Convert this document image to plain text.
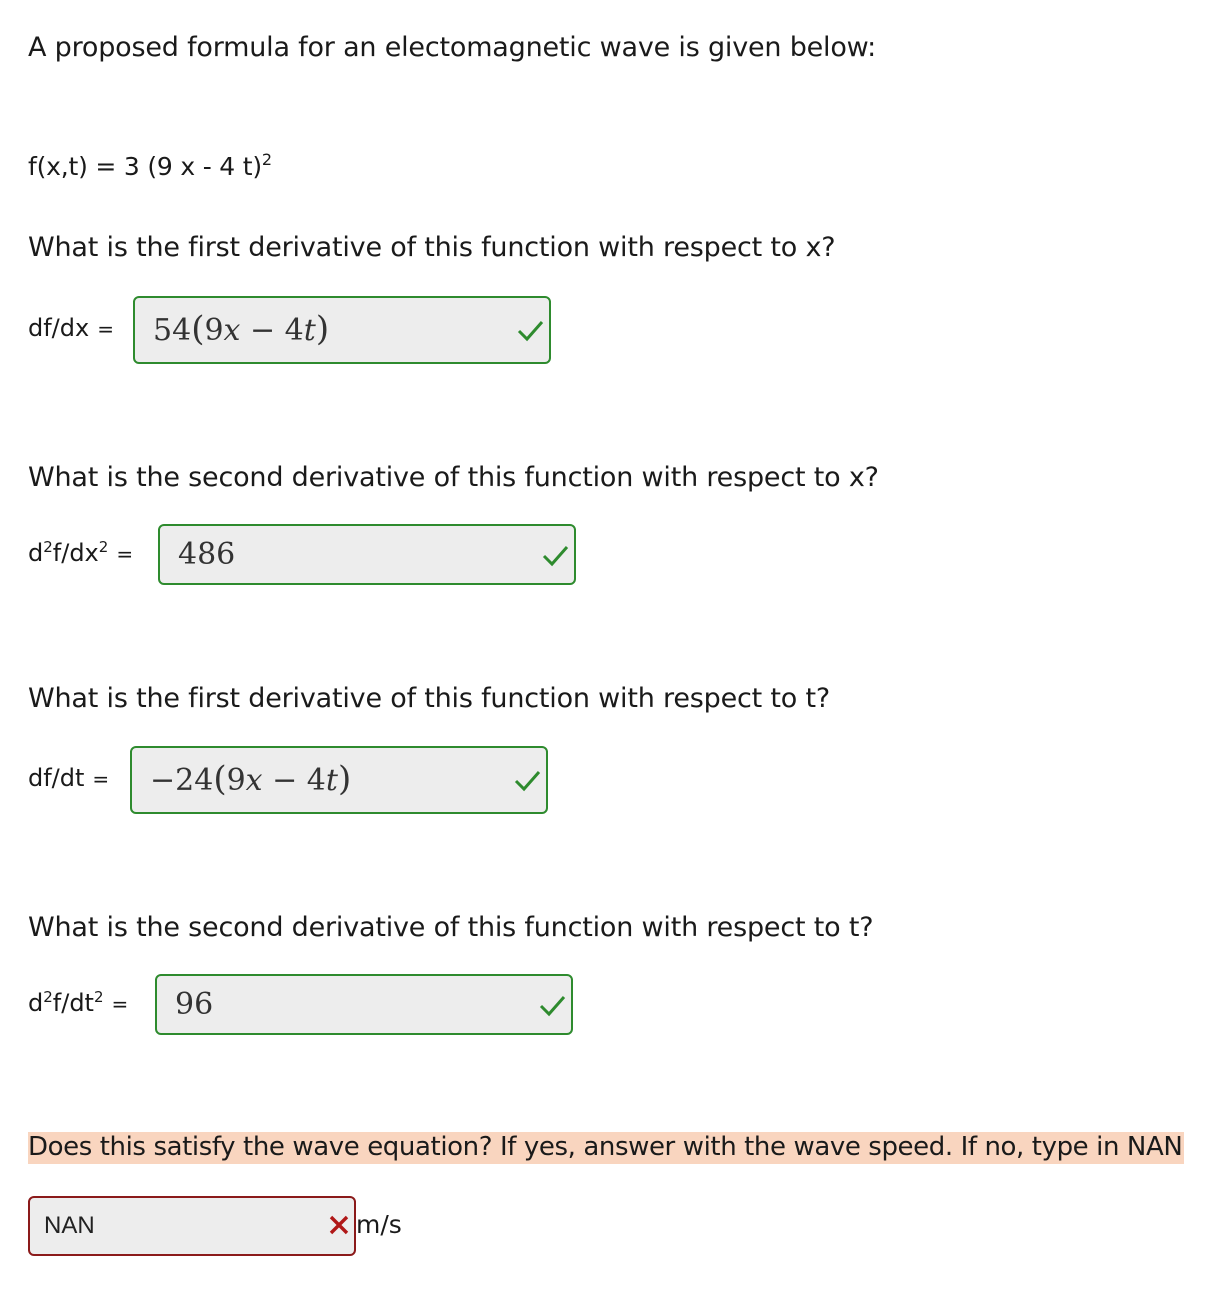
A proposed formula for an electomagnetic wave is given below:
f(x,t) = 3 (9 x - 4 t)$^2$
What is the first derivative of this function with respect to x?
df/dx = 54(9x − 4t)
What is the second derivative of this function with respect to x?
$d^2f/dx^2 = 486$
What is the first derivative of this function with respect to t?
df/dt = −24(9x − 4t)
What is the second derivative of this function with respect to t?
$d^2f/dt^2 = 96$
Does this satisfy the wave equation? If yes, answer with the wave speed. If no, type in NAN
NAN	m/s
